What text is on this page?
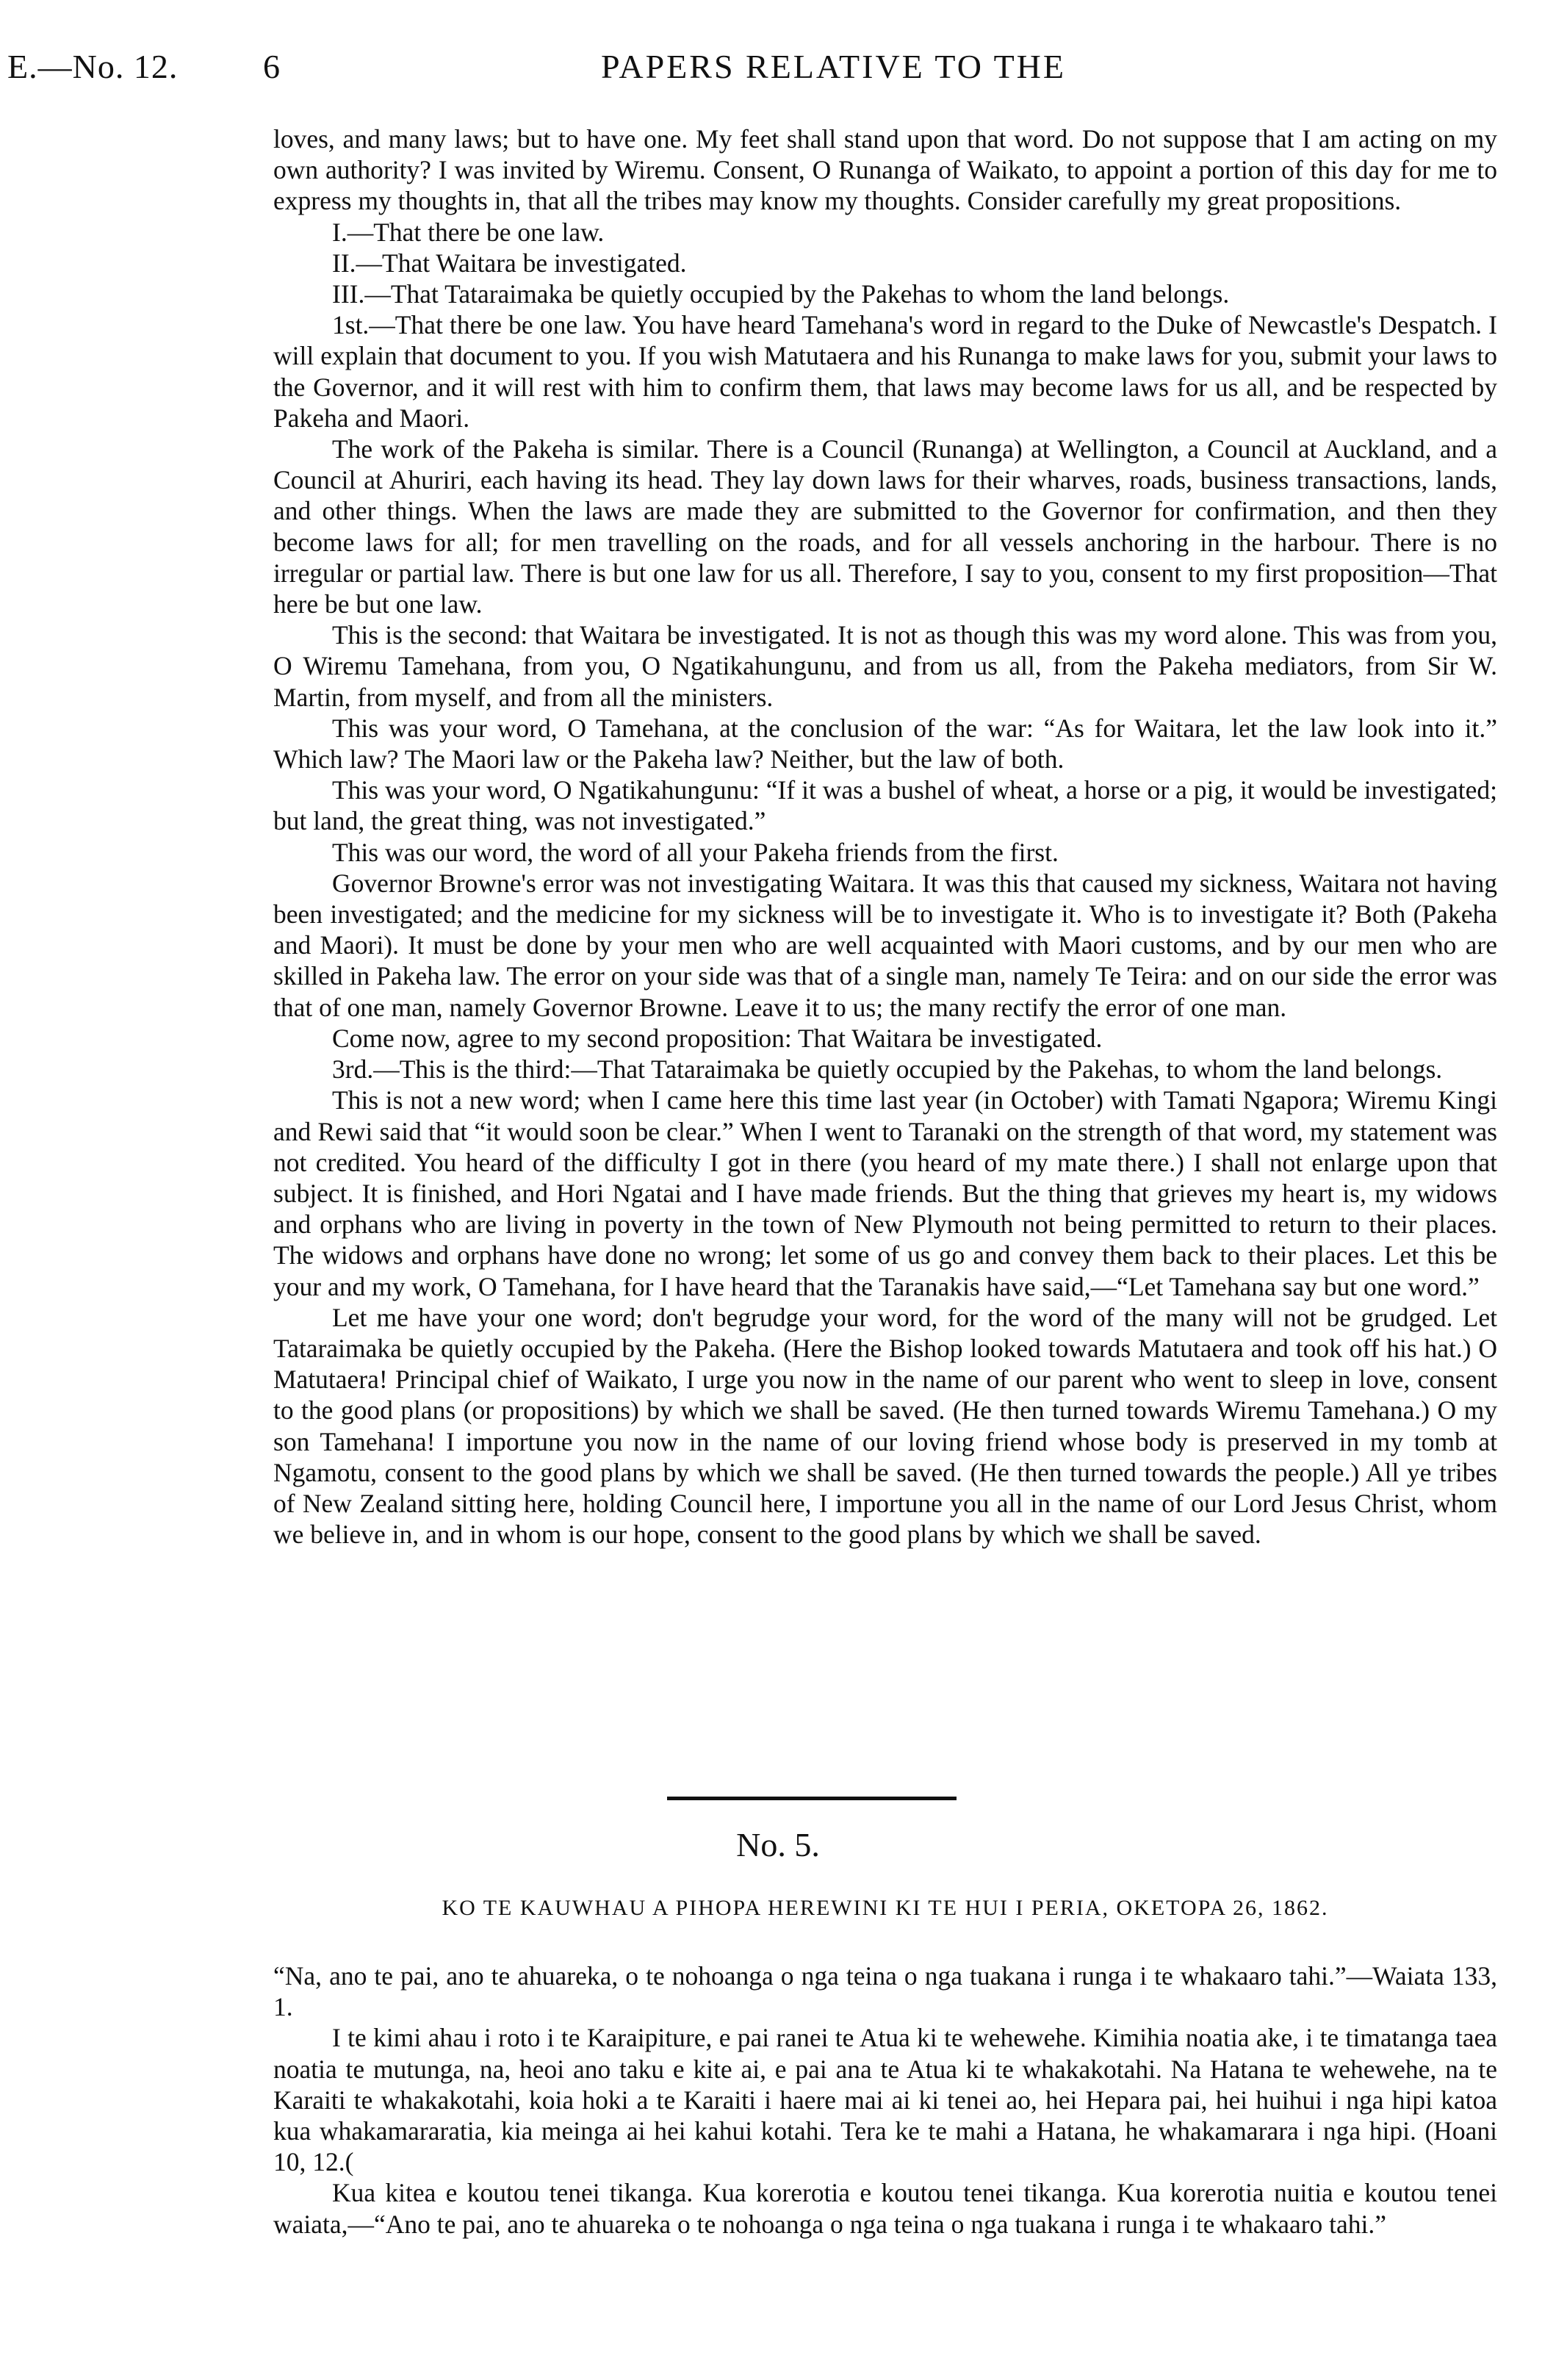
E.—No. 12.	6	PAPERS RELATIVE TO THE

loves, and many laws; but to have one. My feet shall stand upon that word. Do not suppose that I am acting on my own authority? I was invited by Wiremu. Consent, O Runanga of Waikato, to appoint a portion of this day for me to express my thoughts in, that all the tribes may know my thoughts. Consider carefully my great propositions.

I.—That there be one law.

II.—That Waitara be investigated.

III.—That Tataraimaka be quietly occupied by the Pakehas to whom the land belongs.

1st.—That there be one law. You have heard Tamehana's word in regard to the Duke of Newcastle's Despatch. I will explain that document to you. If you wish Matutaera and his Runanga to make laws for you, submit your laws to the Governor, and it will rest with him to confirm them, that laws may become laws for us all, and be respected by Pakeha and Maori.

The work of the Pakeha is similar. There is a Council (Runanga) at Wellington, a Council at Auckland, and a Council at Ahuriri, each having its head. They lay down laws for their wharves, roads, business transactions, lands, and other things. When the laws are made they are submitted to the Governor for confirmation, and then they become laws for all; for men travelling on the roads, and for all vessels anchoring in the harbour. There is no irregular or partial law. There is but one law for us all. Therefore, I say to you, consent to my first proposition—That here be but one law.

This is the second: that Waitara be investigated. It is not as though this was my word alone. This was from you, O Wiremu Tamehana, from you, O Ngatikahungunu, and from us all, from the Pakeha mediators, from Sir W. Martin, from myself, and from all the ministers.

This was your word, O Tamehana, at the conclusion of the war: “As for Waitara, let the law look into it.” Which law? The Maori law or the Pakeha law? Neither, but the law of both.

This was your word, O Ngatikahungunu: “If it was a bushel of wheat, a horse or a pig, it would be investigated; but land, the great thing, was not investigated.”

This was our word, the word of all your Pakeha friends from the first.

Governor Browne's error was not investigating Waitara. It was this that caused my sickness, Waitara not having been investigated; and the medicine for my sickness will be to investigate it. Who is to investigate it? Both (Pakeha and Maori). It must be done by your men who are well acquainted with Maori customs, and by our men who are skilled in Pakeha law. The error on your side was that of a single man, namely Te Teira: and on our side the error was that of one man, namely Governor Browne. Leave it to us; the many rectify the error of one man.

Come now, agree to my second proposition: That Waitara be investigated.

3rd.—This is the third:—That Tataraimaka be quietly occupied by the Pakehas, to whom the land belongs.

This is not a new word; when I came here this time last year (in October) with Tamati Ngapora; Wiremu Kingi and Rewi said that “it would soon be clear.” When I went to Taranaki on the strength of that word, my statement was not credited. You heard of the difficulty I got in there (you heard of my mate there.) I shall not enlarge upon that subject. It is finished, and Hori Ngatai and I have made friends. But the thing that grieves my heart is, my widows and orphans who are living in poverty in the town of New Plymouth not being permitted to return to their places. The widows and orphans have done no wrong; let some of us go and convey them back to their places. Let this be your and my work, O Tamehana, for I have heard that the Taranakis have said,—“Let Tamehana say but one word.”

Let me have your one word; don't begrudge your word, for the word of the many will not be grudged. Let Tataraimaka be quietly occupied by the Pakeha. (Here the Bishop looked towards Matutaera and took off his hat.) O Matutaera! Principal chief of Waikato, I urge you now in the name of our parent who went to sleep in love, consent to the good plans (or propositions) by which we shall be saved. (He then turned towards Wiremu Tamehana.) O my son Tamehana! I importune you now in the name of our loving friend whose body is preserved in my tomb at Ngamotu, consent to the good plans by which we shall be saved. (He then turned towards the people.) All ye tribes of New Zealand sitting here, holding Council here, I importune you all in the name of our Lord Jesus Christ, whom we believe in, and in whom is our hope, consent to the good plans by which we shall be saved.

No. 5.
KO TE KAUWHAU A PIHOPA HEREWINI KI TE HUI I PERIA, OKETOPA 26, 1862.

“Na, ano te pai, ano te ahuareka, o te nohoanga o nga teina o nga tuakana i runga i te whakaaro tahi.”—Waiata 133, 1.

I te kimi ahau i roto i te Karaipiture, e pai ranei te Atua ki te wehewehe. Kimihia noatia ake, i te timatanga taea noatia te mutunga, na, heoi ano taku e kite ai, e pai ana te Atua ki te whakakotahi. Na Hatana te wehewehe, na te Karaiti te whakakotahi, koia hoki a te Karaiti i haere mai ai ki tenei ao, hei Hepara pai, hei huihui i nga hipi katoa kua whakamararatia, kia meinga ai hei kahui kotahi. Tera ke te mahi a Hatana, he whakamarara i nga hipi. (Hoani 10, 12.(

Kua kitea e koutou tenei tikanga. Kua korerotia e koutou tenei tikanga. Kua korerotia nuitia e koutou tenei waiata,—“Ano te pai, ano te ahuareka o te nohoanga o nga teina o nga tuakana i runga i te whakaaro tahi.”
